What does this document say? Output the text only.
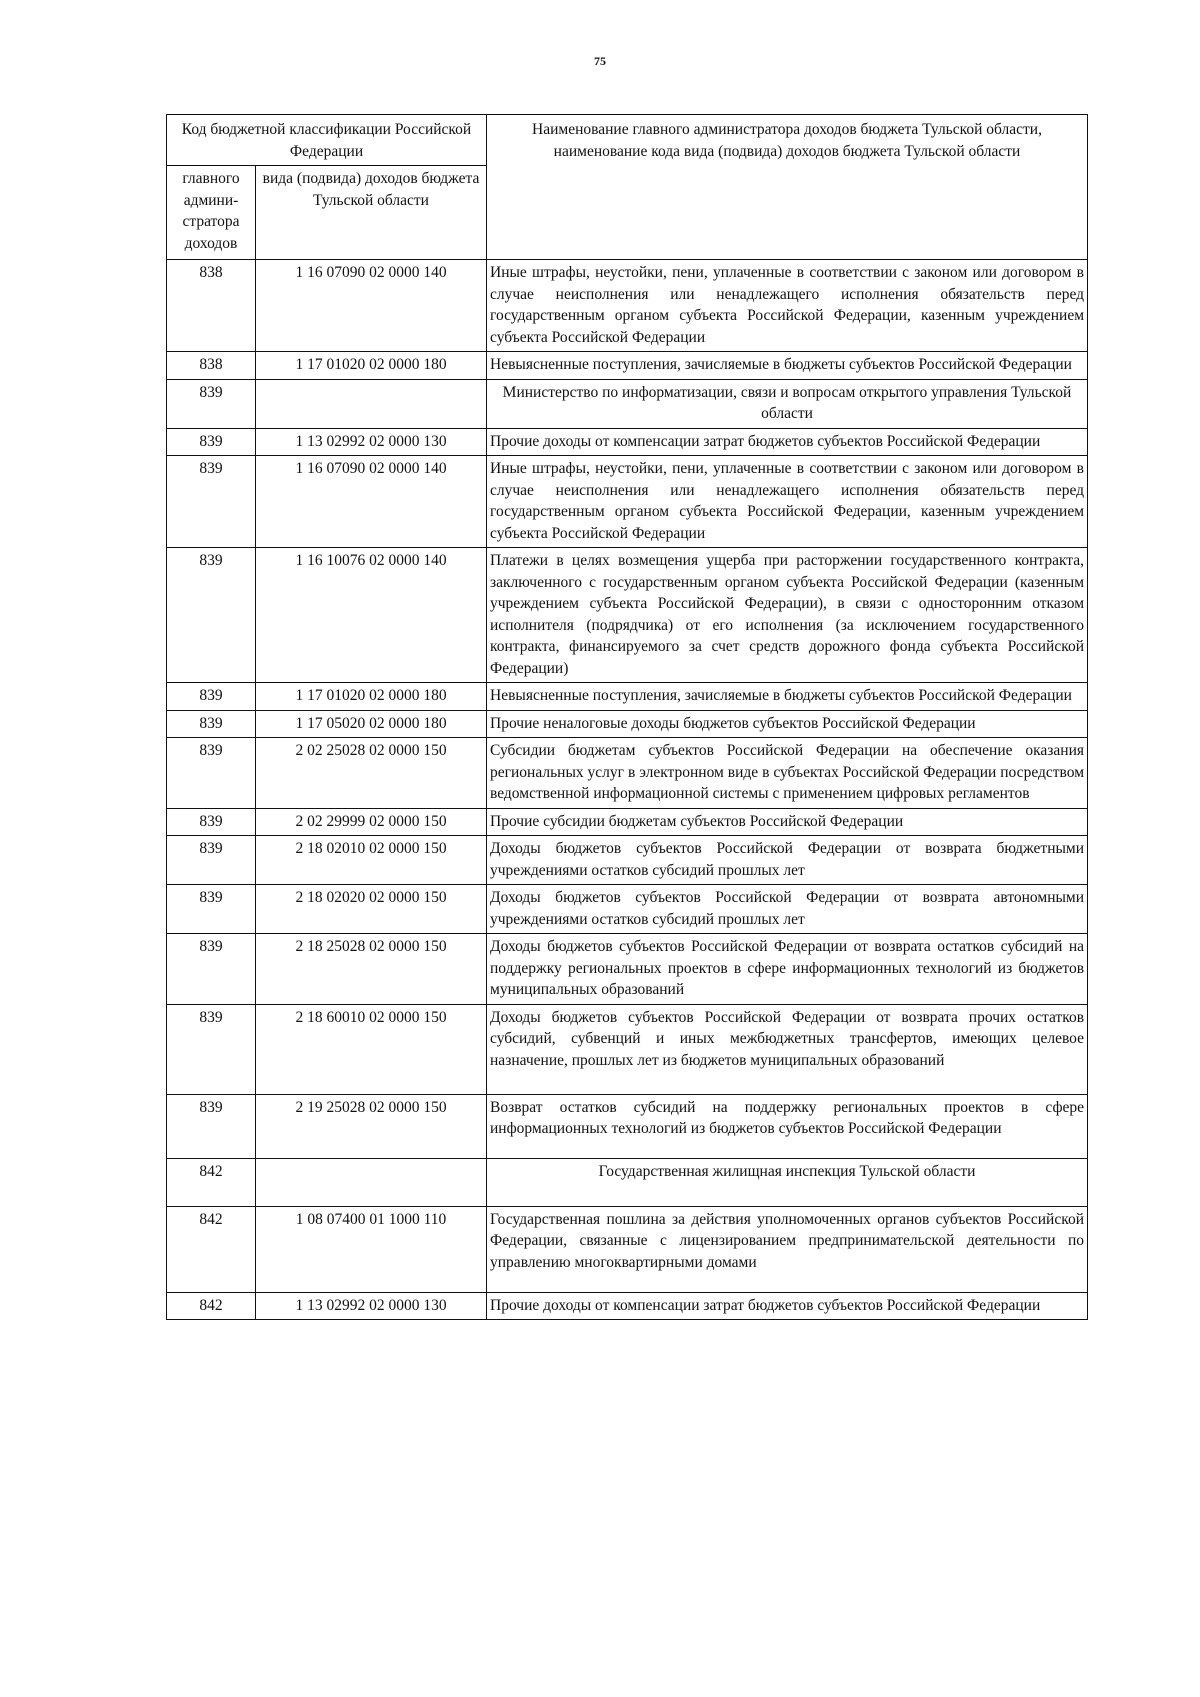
75
Код бюджетной классификации Российской Федерации		Наименование главного администратора доходов бюджета Тульской области, наименование кода вида (подвида) доходов бюджета Тульской области
главного админи-стратора доходов	вида (подвида) доходов бюджета Тульской области	
838	1 16 07090 02 0000 140	Иные штрафы, неустойки, пени, уплаченные в соответствии с законом или договором в случае неисполнения или ненадлежащего исполнения обязательств перед государственным органом субъекта Российской Федерации, казенным учреждением субъекта Российской Федерации
838	1 17 01020 02 0000 180	Невыясненные поступления, зачисляемые в бюджеты субъектов Российской Федерации
839		Министерство по информатизации, связи и вопросам открытого управления Тульской области
839	1 13 02992 02 0000 130	Прочие доходы от компенсации затрат бюджетов субъектов Российской Федерации
839	1 16 07090 02 0000 140	Иные штрафы, неустойки, пени, уплаченные в соответствии с законом или договором в случае неисполнения или ненадлежащего исполнения обязательств перед государственным органом субъекта Российской Федерации, казенным учреждением субъекта Российской Федерации
839	1 16 10076 02 0000 140	Платежи в целях возмещения ущерба при расторжении государственного контракта, заключенного с государственным органом субъекта Российской Федерации (казенным учреждением субъекта Российской Федерации), в связи с односторонним отказом исполнителя (подрядчика) от его исполнения (за исключением государственного контракта, финансируемого за счет средств дорожного фонда субъекта Российской Федерации)
839	1 17 01020 02 0000 180	Невыясненные поступления, зачисляемые в бюджеты субъектов Российской Федерации
839	1 17 05020 02 0000 180	Прочие неналоговые доходы бюджетов субъектов Российской Федерации
839	2 02 25028 02 0000 150	Субсидии бюджетам субъектов Российской Федерации на обеспечение оказания региональных услуг в электронном виде в субъектах Российской Федерации посредством ведомственной информационной системы с применением цифровых регламентов
839	2 02 29999 02 0000 150	Прочие субсидии бюджетам субъектов Российской Федерации
839	2 18 02010 02 0000 150	Доходы бюджетов субъектов Российской Федерации от возврата бюджетными учреждениями остатков субсидий прошлых лет
839	2 18 02020 02 0000 150	Доходы бюджетов субъектов Российской Федерации от возврата автономными учреждениями остатков субсидий прошлых лет
839	2 18 25028 02 0000 150	Доходы бюджетов субъектов Российской Федерации от возврата остатков субсидий на поддержку региональных проектов в сфере информационных технологий из бюджетов муниципальных образований
839	2 18 60010 02 0000 150	Доходы бюджетов субъектов Российской Федерации от возврата прочих остатков субсидий, субвенций и иных межбюджетных трансфертов, имеющих целевое назначение, прошлых лет из бюджетов муниципальных образований
839	2 19 25028 02 0000 150	Возврат остатков субсидий на поддержку региональных проектов в сфере информационных технологий из бюджетов субъектов Российской Федерации
842		Государственная жилищная инспекция Тульской области
842	1 08 07400 01 1000 110	Государственная пошлина за действия уполномоченных органов субъектов Российской Федерации, связанные с лицензированием предпринимательской деятельности по управлению многоквартирными домами
842	1 13 02992 02 0000 130	Прочие доходы от компенсации затрат бюджетов субъектов Российской Федерации
